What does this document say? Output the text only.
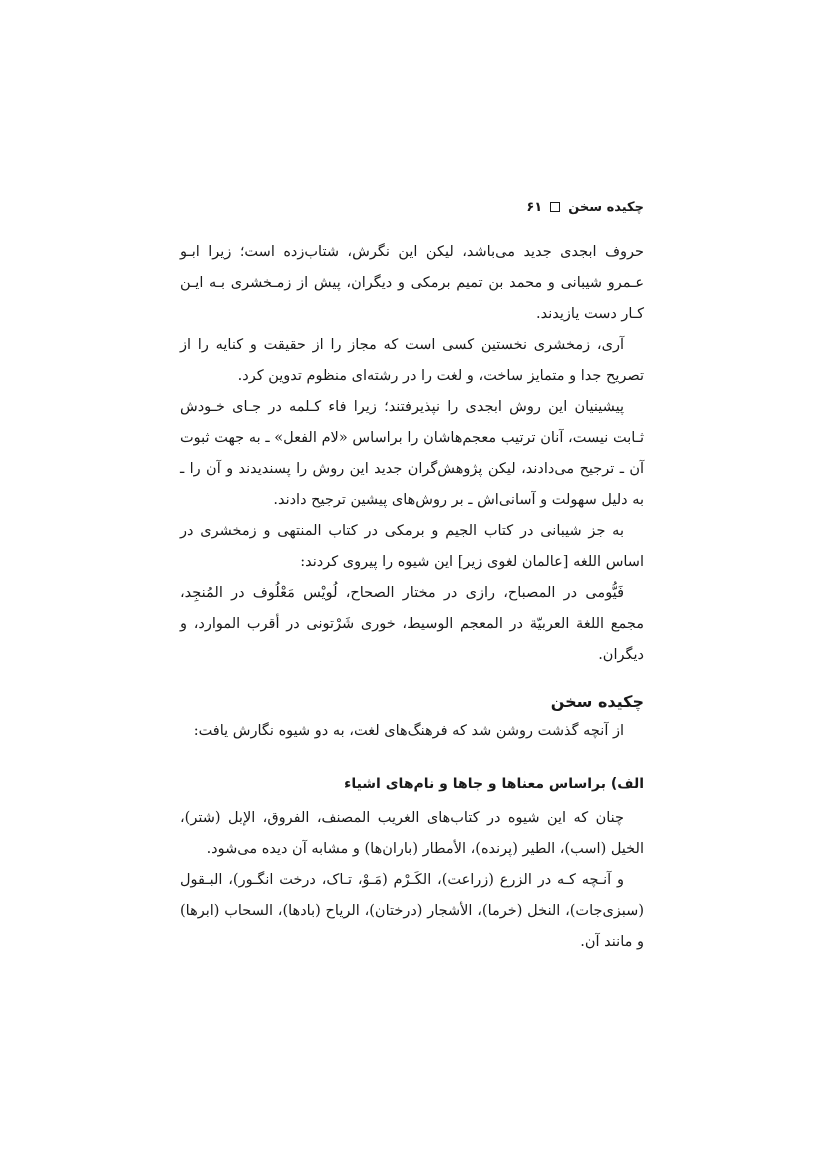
چکیده سخن
۶۱

حروف ابجدی جدید می‌باشد، لیکن این نگرش، شتاب‌زده است؛ زیرا ابـو عـمرو شیبانی و محمد بن تمیم برمکی و دیگران، پیش از زمـخشری بـه ایـن کـار دست یازیدند.

آری، زمخشری نخستین کسی است که مجاز را از حقیقت و کنایه را از تصریح جدا و متمایز ساخت، و لغت را در رشته‌ای منظوم تدوین کرد.

پیشینیان این روش ابجدی را نپذیرفتند؛ زیرا فاء کـلمه در جـای خـودش ثـابت نیست، آنان ترتیب معجم‌هاشان را براساس «لام الفعل» ـ به جهت ثبوت آن ـ ترجیح می‌دادند، لیکن پژوهش‌گران جدید این روش را پسندیدند و آن را ـ به دلیل سهولت و آسانی‌اش ـ بر روش‌های پیشین ترجیح دادند.

به جز شیبانی در کتاب الجیم و برمکی در کتاب المنتهی و زمخشری در اساس اللغه [عالمان لغوی زیر] این شیوه را پیروی کردند:

فَیُّومی در المصباح، رازی در مختار الصحاح، لُویْس مَعْلُوف در المُنجِد، مجمع اللغة العربیّة در المعجم الوسیط، خوری شَرْتونی در أقرب الموارد، و دیگران.

چکیده سخن

از آنچه گذشت روشن شد که فرهنگ‌های لغت، به دو شیوه نگارش یافت:

الف) براساس معناها و جاها و نام‌های اشیاء

چنان که این شیوه در کتاب‌های الغریب المصنف، الفروق، الإبل (شتر)، الخیل (اسب)، الطیر (پرنده)، الأمطار (باران‌ها) و مشابه آن دیده می‌شود.

و آنـچه کـه در الزرع (زراعت)، الکَـرْم (مَـوْ، تـاک، درخت انگـور)، البـقول (سبزی‌جات)، النخل (خرما)، الأشجار (درختان)، الریاح (بادها)، السحاب (ابرها) و مانند آن.
